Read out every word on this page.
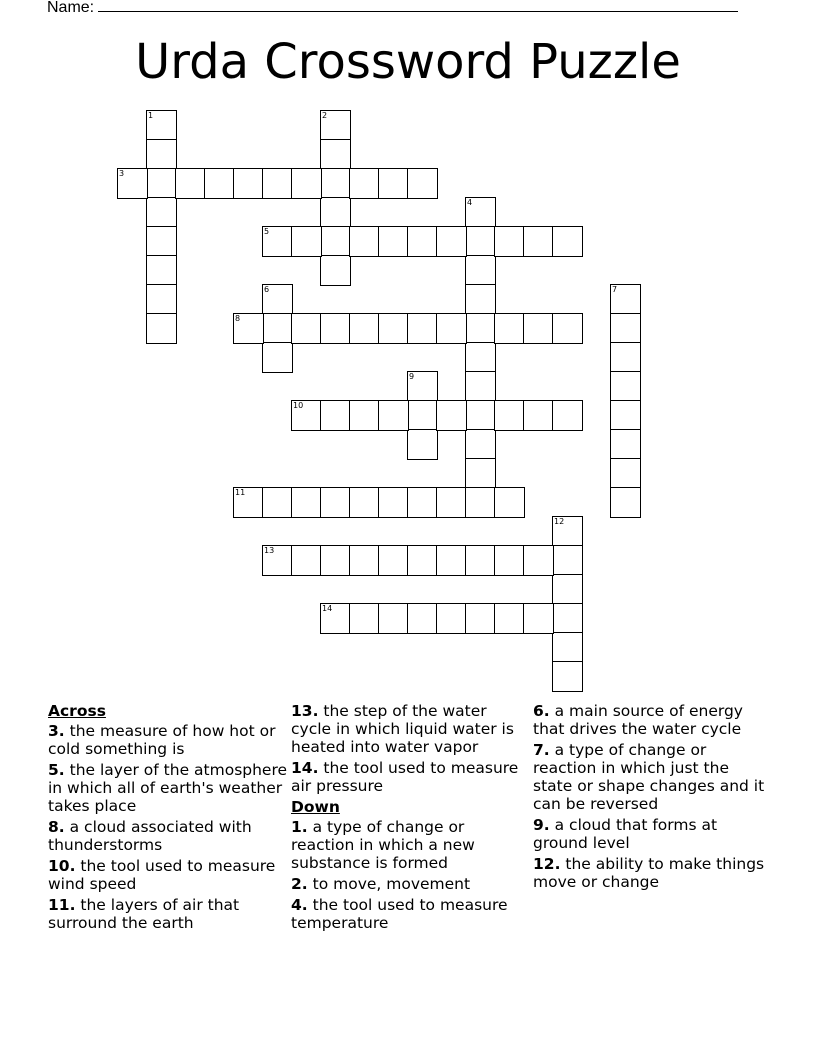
Name:
Urda Crossword Puzzle
1	2
3
4
5
6	7
8
9
10
11
12
13
14
Across
3. the measure of how hot or cold something is
5. the layer of the atmosphere in which all of earth's weather takes place
8. a cloud associated with thunderstorms
10. the tool used to measure wind speed
11. the layers of air that surround the earth
13. the step of the water cycle in which liquid water is heated into water vapor
14. the tool used to measure air pressure
Down
1. a type of change or reaction in which a new substance is formed
2. to move, movement
4. the tool used to measure temperature
6. a main source of energy that drives the water cycle
7. a type of change or reaction in which just the state or shape changes and it can be reversed
9. a cloud that forms at ground level
12. the ability to make things move or change
